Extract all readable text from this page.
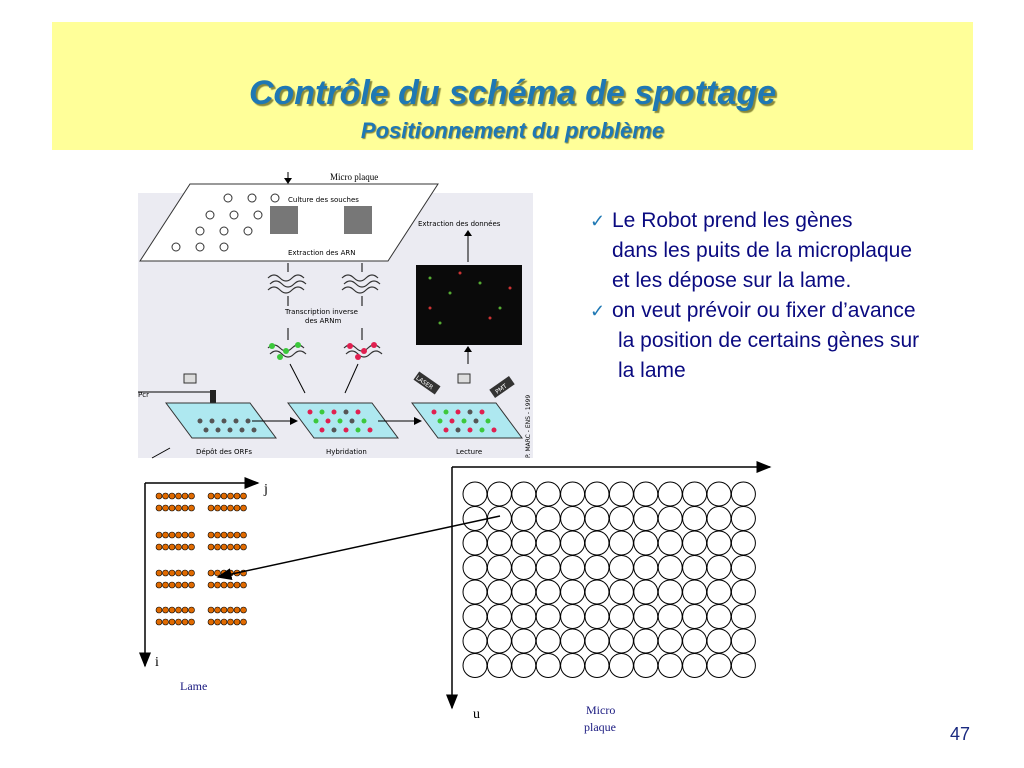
Contrôle du schéma de spottage
Positionnement du problème
Micro plaque
Culture des souches
Extraction des ARN
Transcription inverse
des ARNm
Extraction des données
Pcr
LASER	PMT
Dépôt des ORFs	Hybridation	Lecture	P. MARC - ENS - 1999
✓ Le Robot prend les gènes
dans les puits de la microplaque
et les dépose sur la lame.
✓ on veut prévoir ou fixer d’avance
la position de certains gènes sur
la lame
j
i
Lame
u	Micro
plaque	47
